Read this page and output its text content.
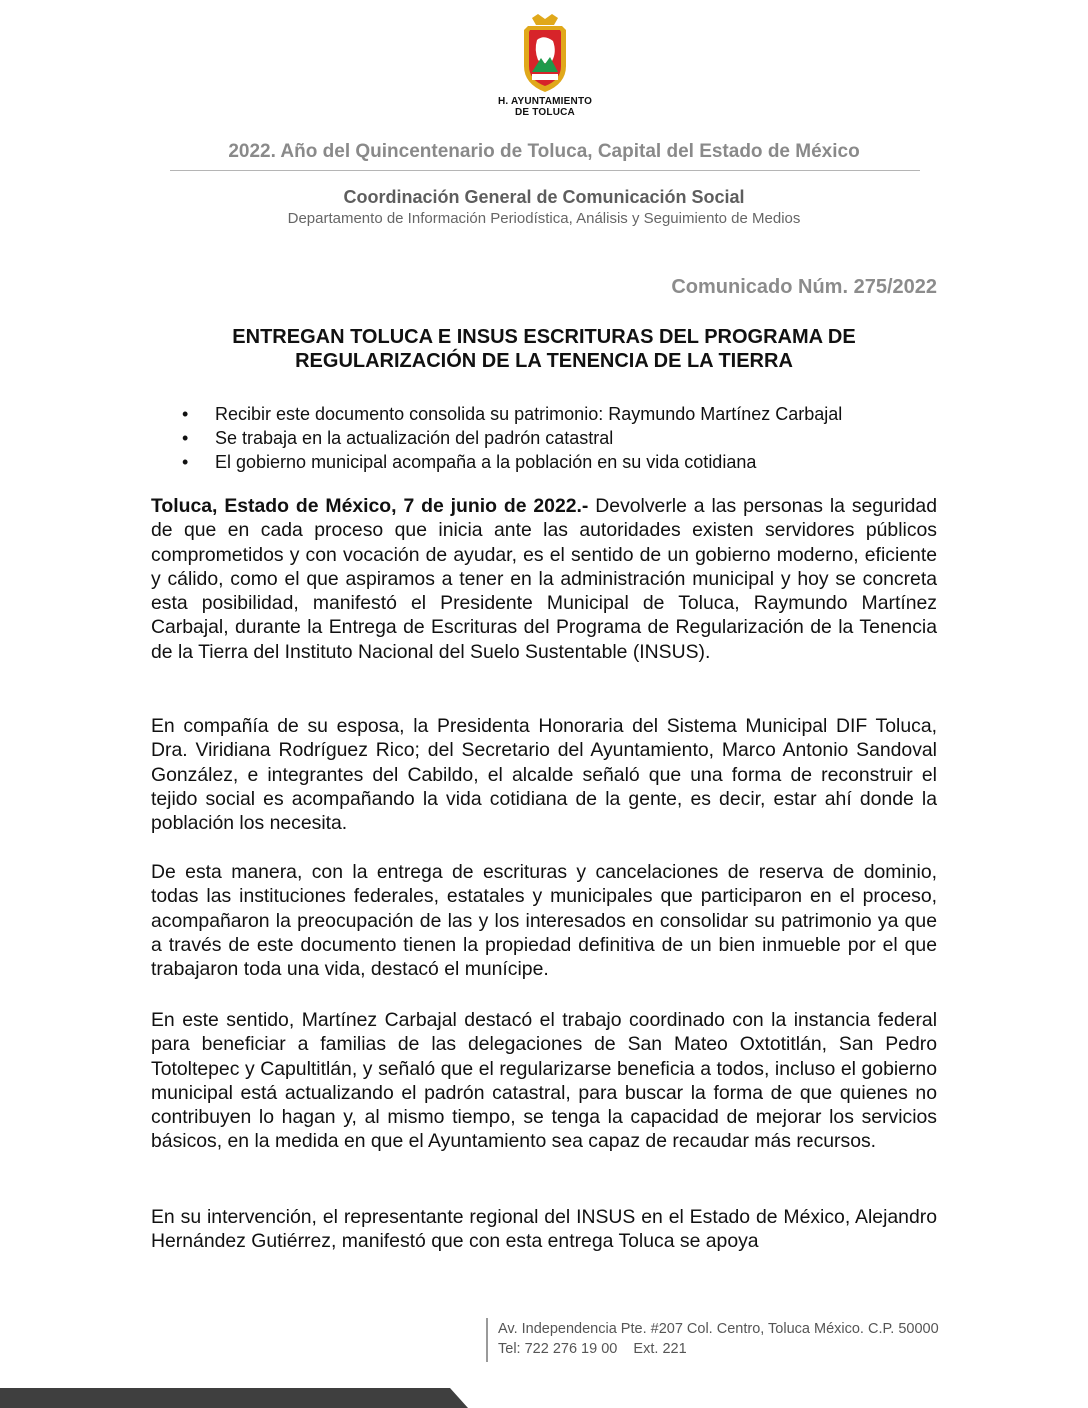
H. AYUNTAMIENTO
DE TOLUCA
2022. Año del Quincentenario de Toluca, Capital del Estado de México
Coordinación General de Comunicación Social
Departamento de Información Periodística, Análisis y Seguimiento de Medios
Comunicado Núm. 275/2022
ENTREGAN TOLUCA E INSUS ESCRITURAS DEL PROGRAMA DE
REGULARIZACIÓN DE LA TENENCIA DE LA TIERRA
• Recibir este documento consolida su patrimonio: Raymundo Martínez Carbajal
• Se trabaja en la actualización del padrón catastral
• El gobierno municipal acompaña a la población en su vida cotidiana

Toluca, Estado de México, 7 de junio de 2022.- Devolverle a las personas la seguridad de que en cada proceso que inicia ante las autoridades existen servidores públicos comprometidos y con vocación de ayudar, es el sentido de un gobierno moderno, eficiente y cálido, como el que aspiramos a tener en la administración municipal y hoy se concreta esta posibilidad, manifestó el Presidente Municipal de Toluca, Raymundo Martínez Carbajal, durante la Entrega de Escrituras del Programa de Regularización de la Tenencia de la Tierra del Instituto Nacional del Suelo Sustentable (INSUS).

En compañía de su esposa, la Presidenta Honoraria del Sistema Municipal DIF Toluca, Dra. Viridiana Rodríguez Rico; del Secretario del Ayuntamiento, Marco Antonio Sandoval González, e integrantes del Cabildo, el alcalde señaló que una forma de reconstruir el tejido social es acompañando la vida cotidiana de la gente, es decir, estar ahí donde la población los necesita.

De esta manera, con la entrega de escrituras y cancelaciones de reserva de dominio, todas las instituciones federales, estatales y municipales que participaron en el proceso, acompañaron la preocupación de las y los interesados en consolidar su patrimonio ya que a través de este documento tienen la propiedad definitiva de un bien inmueble por el que trabajaron toda una vida, destacó el munícipe.

En este sentido, Martínez Carbajal destacó el trabajo coordinado con la instancia federal para beneficiar a familias de las delegaciones de San Mateo Oxtotitlán, San Pedro Totoltepec y Capultitlán, y señaló que el regularizarse beneficia a todos, incluso el gobierno municipal está actualizando el padrón catastral, para buscar la forma de que quienes no contribuyen lo hagan y, al mismo tiempo, se tenga la capacidad de mejorar los servicios básicos, en la medida en que el Ayuntamiento sea capaz de recaudar más recursos.

En su intervención, el representante regional del INSUS en el Estado de México, Alejandro Hernández Gutiérrez, manifestó que con esta entrega Toluca se apoya

Av. Independencia Pte. #207 Col. Centro, Toluca México. C.P. 50000
Tel: 722 276 19 00    Ext. 221
